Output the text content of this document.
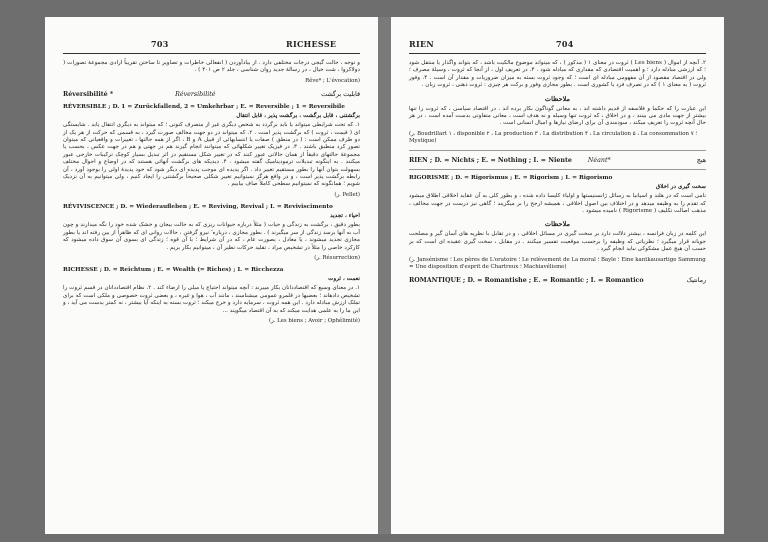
703	RICHESSE

و توجه ، حالت گیجی درجات مختلفی دارد . از بیادآوردن ( انفعالی خاطرات و تصاویر تا ساختن تقریباً ارادی مجموعهٔ تصورات ( دولاکروا ، شت خیال ، در رسالهٔ جدید روان شناسی ، جلد ۲ ص ۴۰۱ ) .

Rêve* ; L'évocation)
Réversibilité *	Réversibilité	قابلیت برگشت
RÉVERSIBLE ; D. 1 = Zurückfallend, 2 = Umkehrbar ; E. = Reversible ; 1 = Reversibile

برگشتنی ، قابل برگشت ، برگشت پذیر ، قابل انتقال

۱. که تحت شرایطی میتواند یا باید برگردد به شخص دیگری غیر از متصرف کنونی ؛ که میتواند به دیگری انتقال یابد . شایستگی ای ( قیمت ، ثروت ) که برگشت پذیر است . ۲. که میتواند در دو جهت مخالف صورت گیرد ، به قسمی که حرکت از هر یک از دو طرف ممکن است : ( در منطق ) صفات یا انتسابهائی از قبیل A و B ، اگر از همه حالتها ، تغییرات و واقعیاتی که میتوان تصور کرد منطبق باشند . ۳. در فیزیک تغییر شکلهائی که میتوانند انجام گیرند هم در جهتی و هم در جهت عکس ، بحسب یا مجموعهٔ حالتهای دقیقاً از همان حالاتی عبور کنند که در تغییر شکل مستقیم در اثر تبدیل بسیار کوچک ترکیبات خارجی عبور میکنند . به اینگونه تبدیلات ترمودینامیک گفته میشود . ۴. دیدیکه های برگشت آنهائی هستند که در اوضاع و احوال مختلف بسهولت بتوان آنها را بطور مستقیم تغییر داد . اگر پدیده ای موجب پدیده ای دیگر شود که خود پدیدهٔ اولی را بوجود آورد ، آن رابطه برگشت پذیر است ، و در واقع هرگز نمیتوانیم تغییر شکلی صحیحاً برگشتنی را ایجاد کنیم ، ولی میتوانیم به آن نزدیک شویم ؛ همانگونه که نمیتوانیم سطحی کاملاً صاف بیابیم .

(ر. Pellet)
RÉVIVISCENCE ; D. = Wiederaufleben ; E. = Reviving, Revival ; I. = Reviviscimento

احیاء ، تجدید

بطور دقیق ، برگشت به زندگی و حیات ( مثلاً درباره حیوانات ریزی که به حالت بیجان و خشک شده خود را نگه میدارند و چون آب به آنها برسد زندگی از سر میگیرند ) . بطور مجازی ، درباره ٔ نیرو گرفتن ، حالات روانی ای که ظاهراً از بین رفته اند یا بطور مجازی تجدید میشوند ، یا معادل ، بصورت عام ، که در آن شرایط ؛ با آن قوه ؛ زندگی ای بسوی آن سوق داده میشود که کارکرد خاصی را مثلاً در تشخیص مراد ، تقلید حرکات نظیر آن ، میتوانیم بکار بریم .

(ر. Résurrection)
RICHESSE ; D. = Reichtum ; E. = Wealth (= Riches) ; I. = Ricchezza

نعمت ، ثروت

۱. در معنای وسیع که اقتصاددانان بکار میبرند : آنچه میتواند احتیاج یا میلی را ارضاء کند . ۲. نظام اقتصاددانان در قسم ثروت را تشخیص دادهاند ؛ بعضیها در قلمرو عمومی میشناسند ، مانند آب ، هوا و غیره ، و بعضی ثروت خصوصی و ملکی است که برای تملک ارزش مبادله دارد . این همه ثروت ، سرمایه دارد و خرج میکند ؛ ثروت بسته به اینکه آیا بیشتر ، نه کمتر بدست می آید ، و این ما را به علمی هدایت میکند که به آن اقتصاد میگویند ...

(ر. Les biens ; Avoir ; Ophélimité)
RIEN	704

۲. آنچه از اموال ( Les biens ) ثروت در معنای ۱ ( مذکور ) ، که میتواند موضوع مالکیت باشد ، که بتواند واگذار یا منتقل شود ؛ که ارزشی مبادله دارد ؛ و اهمیت اقتصادی که مقداری که مبادله شود . ۳. در تعریف اول ، از آنجا که ثروت ، وسیلهٔ مصرف ؛ ولی در اقتصاد مقصود از آن مفهومی مبادله ای است ؛ که وجود ثروت بسته به میزان ضروریات و مقدار آن است . ۴. وفور ثروت ( به معنای ۱ ) که در تصرف فرد یا کشوری است . بطور مجازی وفور و برکت هر چیزی : ثروت ذهنی ، ثروت زبان .

ملاحظات

این عبارت را که حکما و فلاسفه از قدیم داشته اند ، به معانی گوناگون بکار برده اند . در اقتصاد سیاسی ، که ثروت را تنها بیشتر از جهت مادی می بینند ، و در اخلاق ، که ثروت تنها وسیله و نه هدف است ، معانی متفاوتی بدست آمده است . در هر حال آنچه ثروت را تعریف میکند ، سودمندی آن برای ارضای نیازها و امیال انسانی است .

(ر. Boudrillart ۱ ، disponible ۲ ، La production ۳ ، La distribution ۴ ، La circulation ۵ ، La consommation ۷ ؛ Mystique)
RIEN ; D. = Nichts ; E. = Nothing ; I. = Niente	Néant*	هیچ
RIGORISME ; D. = Rigorismus ; E. = Rigorism ; I. = Rigorismo

سخت گیری در اخلاق

نامی است که در هلند و اسپانیا به رسائل ژانسنیستها و اولیاء کلیسا داده شده ، و بطور کلی به آن عقاید اخلاقی اطلاق میشود که تقدم را به وظیفه میدهد و در اختلاف بین اصول اخلاقی ، همیشه ارجح را بر میگزیند ؛ گاهی نیز درست در جهت مخالف ، مذهب اصالت تکلیف ( Rigorisme ) نامیده میشود .

ملاحظات

این کلمه در زبان فرانسه ، بیشتر دلالت دارد بر سخت گیری در مسائل اخلاقی ، و در تقابل با نظریه های آسان گیر و مصلحت جویانه قرار میگیرد ؛ نظریاتی که وظیفه را برحسب موقعیت تفسیر میکنند . در مقابل ، سخت گیری عقیده ای است که بر حسب آن هیچ عمل مشکوکی نباید انجام گیرد .

(ر. Jansénisme ؛ Les pères de L'oratoire ؛ Le relèvement de La moral ؛ Bayle ؛ Eine kantkausartige Sammung = Une disposition d'esprit de Chartreux ؛ Machiavélisme)
ROMANTIQUE ; D. = Romantishe ; E. = Romantic ; I. = Romantico	رمانتیک
